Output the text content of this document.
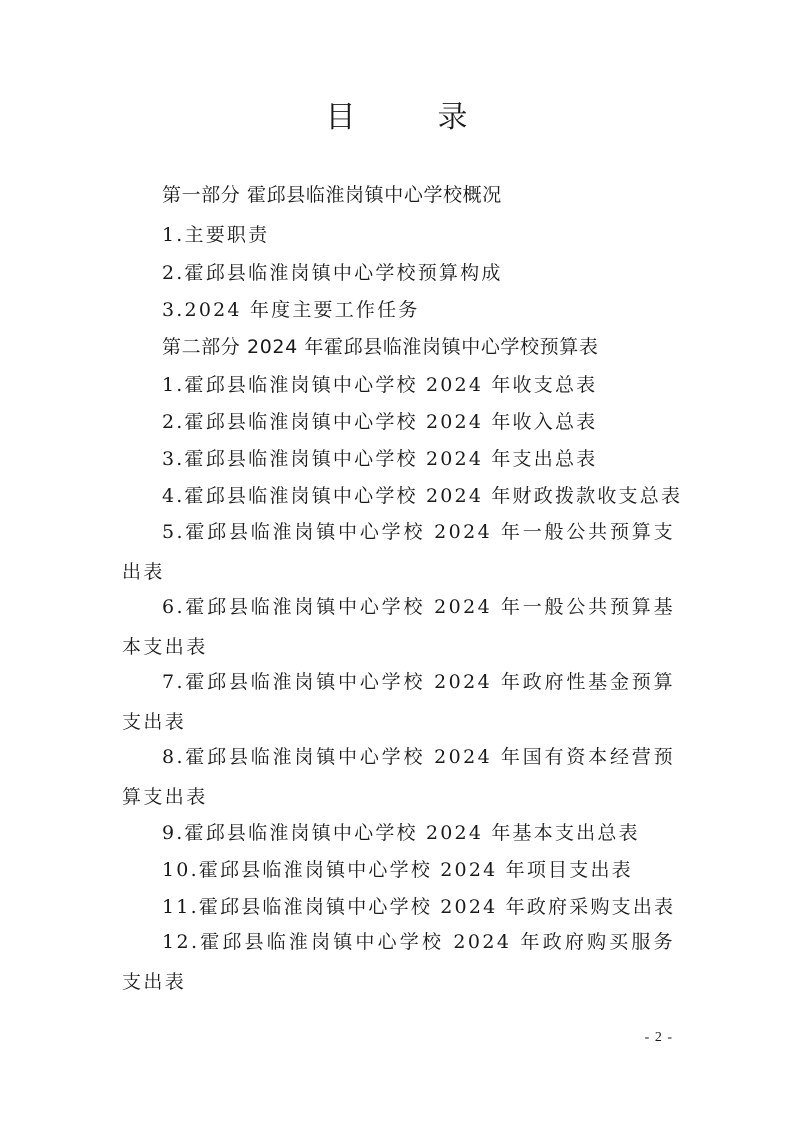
目　录
第一部分 霍邱县临淮岗镇中心学校概况
1.主要职责
2.霍邱县临淮岗镇中心学校预算构成
3.2024 年度主要工作任务
第二部分 2024 年霍邱县临淮岗镇中心学校预算表
1.霍邱县临淮岗镇中心学校 2024 年收支总表
2.霍邱县临淮岗镇中心学校 2024 年收入总表
3.霍邱县临淮岗镇中心学校 2024 年支出总表
4.霍邱县临淮岗镇中心学校 2024 年财政拨款收支总表
5.霍邱县临淮岗镇中心学校 2024 年一般公共预算支出表
6.霍邱县临淮岗镇中心学校 2024 年一般公共预算基本支出表
7.霍邱县临淮岗镇中心学校 2024 年政府性基金预算支出表
8.霍邱县临淮岗镇中心学校 2024 年国有资本经营预算支出表
9.霍邱县临淮岗镇中心学校 2024 年基本支出总表
10.霍邱县临淮岗镇中心学校 2024 年项目支出表
11.霍邱县临淮岗镇中心学校 2024 年政府采购支出表
12.霍邱县临淮岗镇中心学校 2024 年政府购买服务支出表
- 2 -
